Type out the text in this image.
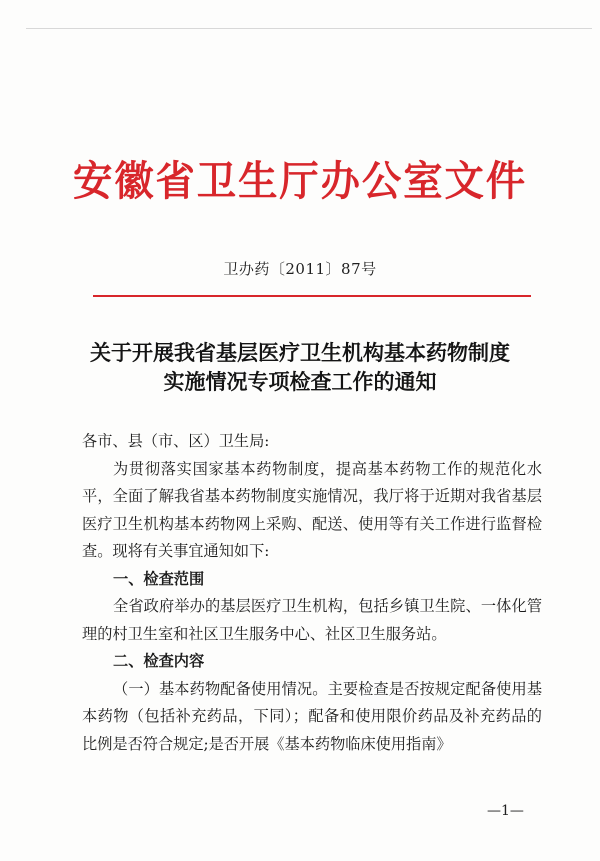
安徽省卫生厅办公室文件
卫办药〔2011〕87号
关于开展我省基层医疗卫生机构基本药物制度
实施情况专项检查工作的通知

各市、县（市、区）卫生局:

为贯彻落实国家基本药物制度，提高基本药物工作的规范化水平，全面了解我省基本药物制度实施情况，我厅将于近期对我省基层医疗卫生机构基本药物网上采购、配送、使用等有关工作进行监督检查。现将有关事宜通知如下:

一、检查范围

全省政府举办的基层医疗卫生机构，包括乡镇卫生院、一体化管理的村卫生室和社区卫生服务中心、社区卫生服务站。

二、检查内容

（一）基本药物配备使用情况。主要检查是否按规定配备使用基本药物（包括补充药品，下同）；配备和使用限价药品及补充药品的比例是否符合规定;是否开展《基本药物临床使用指南》

—1—
